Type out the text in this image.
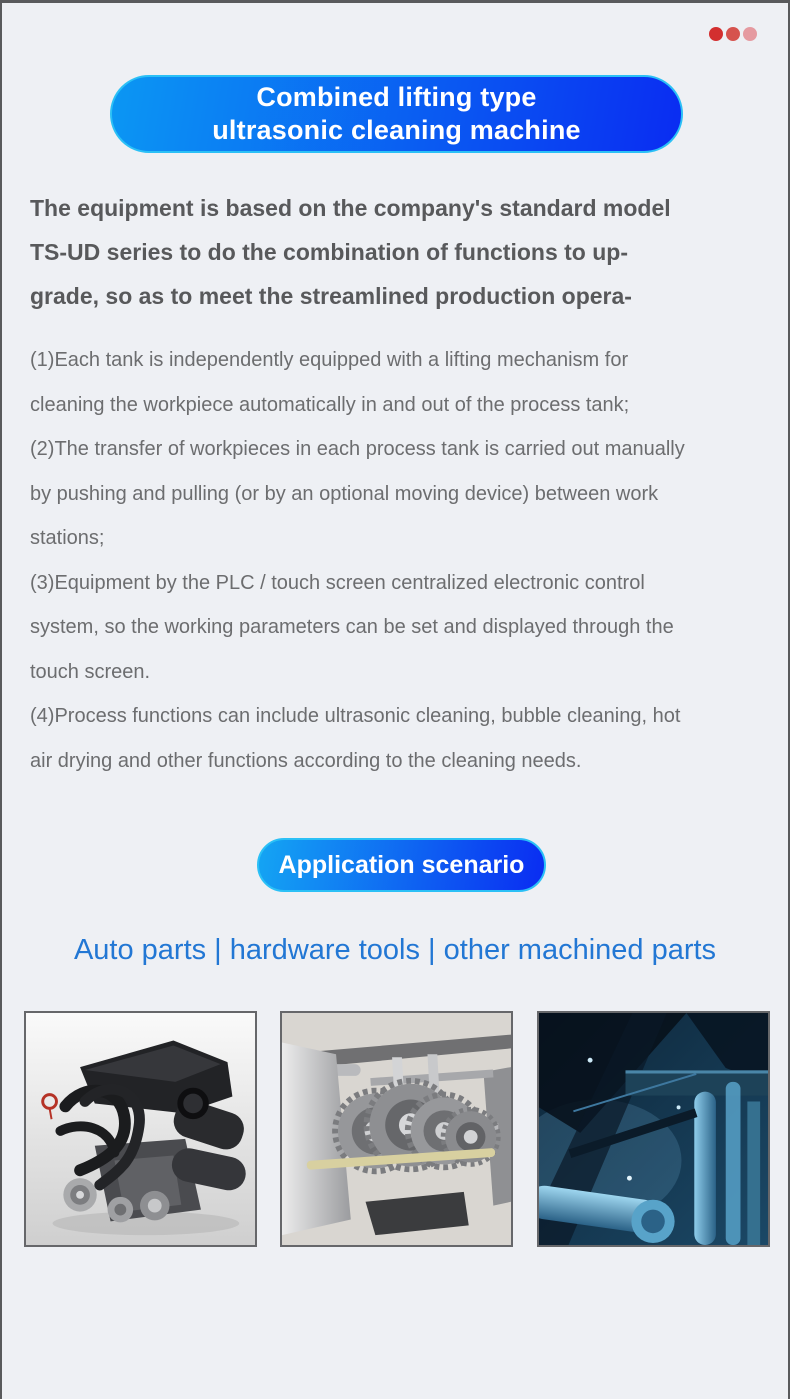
Combined lifting type
ultrasonic cleaning machine
The equipment is based on the company's standard model
TS-UD series to do the combination of functions to up-
grade, so as to meet the streamlined production opera-
(1)Each tank is independently equipped with a lifting mechanism for
cleaning the workpiece automatically in and out of the process tank;
(2)The transfer of workpieces in each process tank is carried out manually
by pushing and pulling (or by an optional moving device) between work
stations;
(3)Equipment by the PLC / touch screen centralized electronic control
system, so the working parameters can be set and displayed through the
touch screen.
(4)Process functions can include ultrasonic cleaning, bubble cleaning, hot
air drying and other functions according to the cleaning needs.
Application scenario
Auto parts | hardware tools | other machined parts
